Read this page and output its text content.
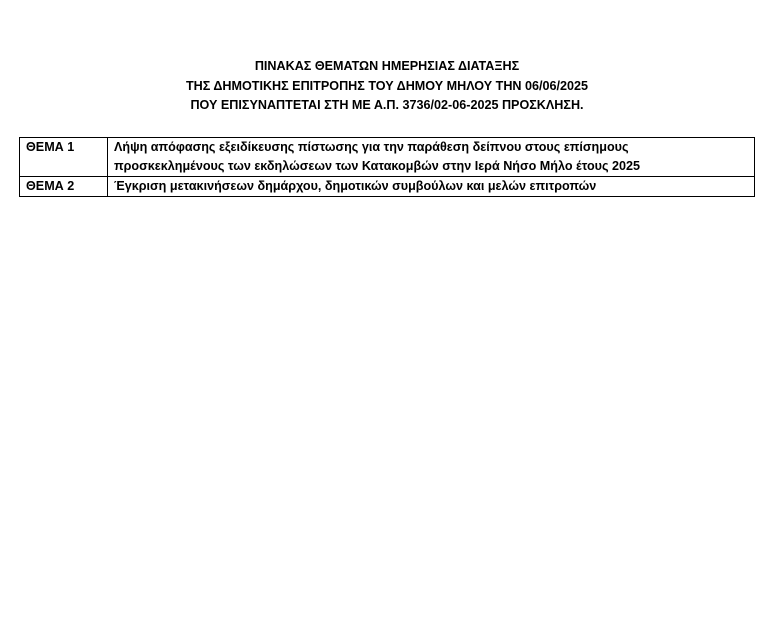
ΠΙΝΑΚΑΣ ΘΕΜΑΤΩΝ ΗΜΕΡΗΣΙΑΣ ΔΙΑΤΑΞΗΣ
ΤΗΣ ΔΗΜΟΤΙΚΗΣ ΕΠΙΤΡΟΠΗΣ ΤΟΥ ΔΗΜΟΥ ΜΗΛΟΥ ΤΗΝ 06/06/2025
ΠΟΥ ΕΠΙΣΥΝΑΠΤΕΤΑΙ ΣΤΗ ΜΕ Α.Π. 3736/02-06-2025 ΠΡΟΣΚΛΗΣΗ.
ΘΕΜΑ 1	Λήψη απόφασης εξειδίκευσης πίστωσης για την παράθεση δείπνου στους επίσημους
προσκεκλημένους των εκδηλώσεων των Κατακομβών στην Ιερά Νήσο Μήλο έτους 2025

ΘΕΜΑ 2	Έγκριση μετακινήσεων δημάρχου, δημοτικών συμβούλων και μελών επιτροπών
